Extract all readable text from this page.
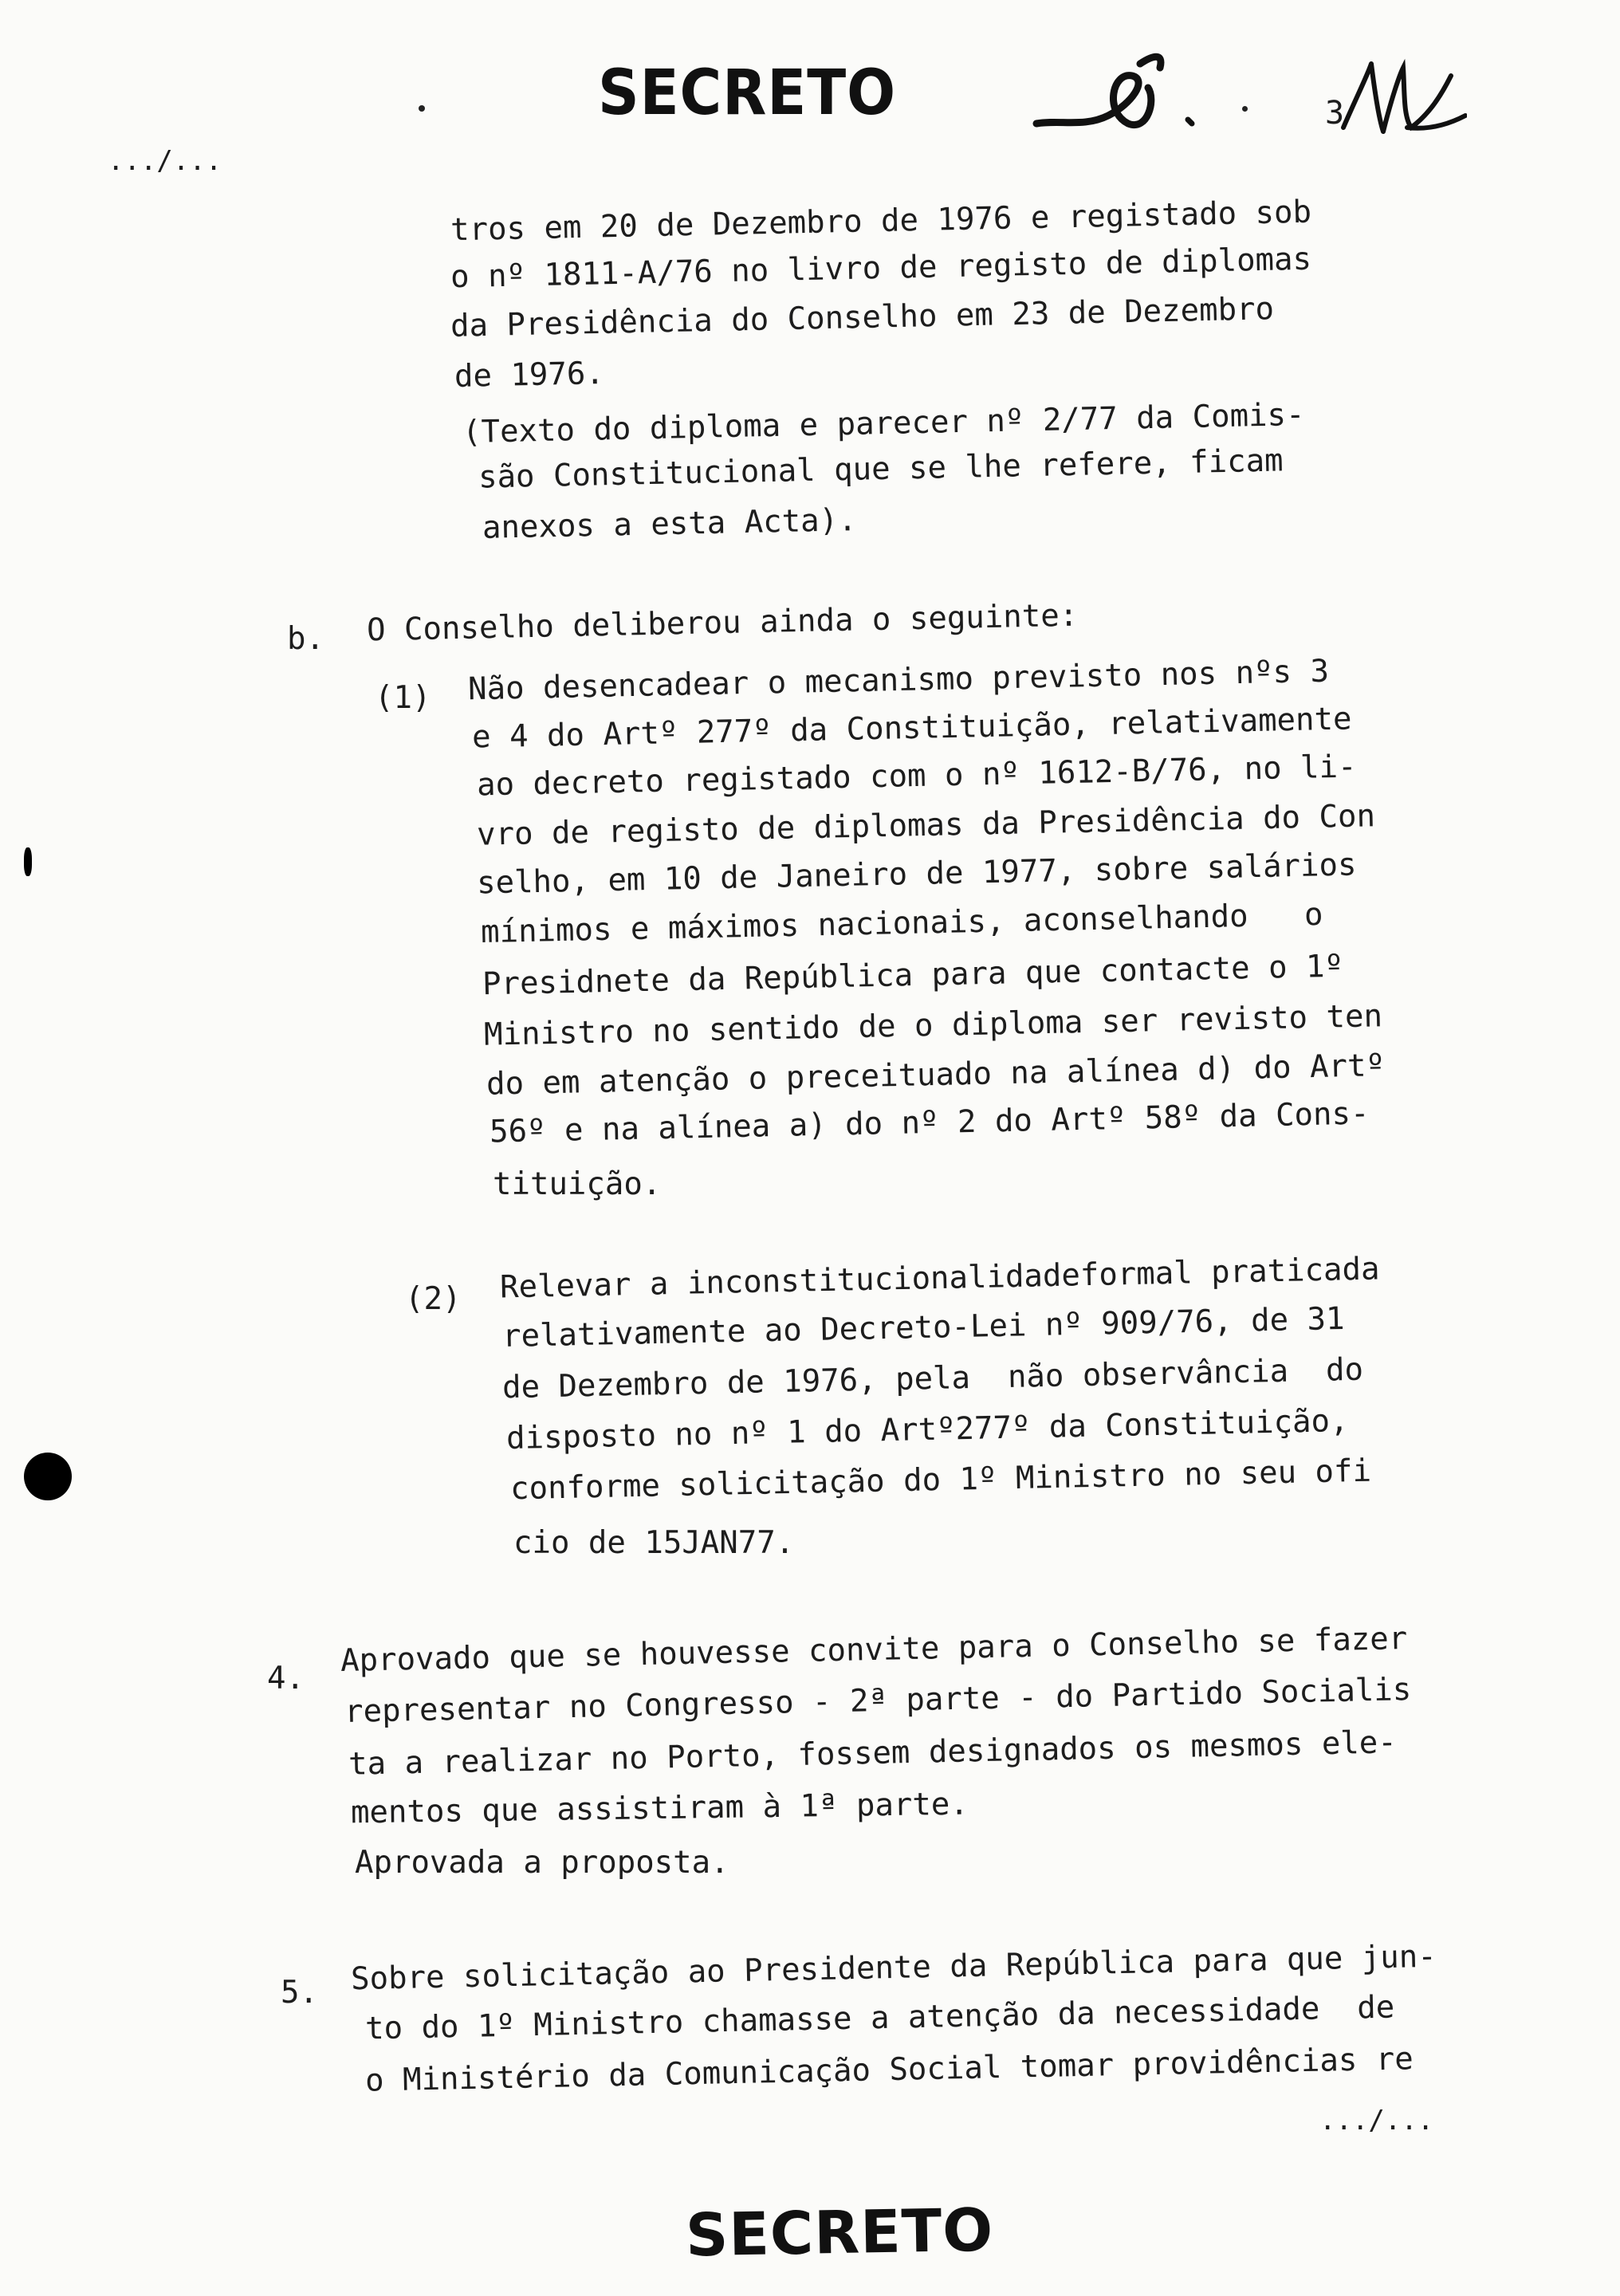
SECRETO
.../...
3
tros em 20 de Dezembro de 1976 e registado sob
o nº 1811-A/76 no livro de registo de diplomas
da Presidência do Conselho em 23 de Dezembro
de 1976.
(Texto do diploma e parecer nº 2/77 da Comis-
são Constitucional que se lhe refere, ficam
anexos a esta Acta).
b. O Conselho deliberou ainda o seguinte:
(1) Não desencadear o mecanismo previsto nos nºs 3
e 4 do Artº 277º da Constituição, relativamente
ao decreto registado com o nº 1612-B/76, no li-
vro de registo de diplomas da Presidência do Con
selho, em 10 de Janeiro de 1977, sobre salários
mínimos e máximos nacionais, aconselhando   o
Presidnete da República para que contacte o 1º
Ministro no sentido de o diploma ser revisto ten
do em atenção o preceituado na alínea d) do Artº
56º e na alínea a) do nº 2 do Artº 58º da Cons-
tituição.
(2) Relevar a inconstitucionalidadeformal praticada
relativamente ao Decreto-Lei nº 909/76, de 31
de Dezembro de 1976, pela  não observância  do
disposto no nº 1 do Artº277º da Constituição,
conforme solicitação do 1º Ministro no seu ofi
cio de 15JAN77.
4. Aprovado que se houvesse convite para o Conselho se fazer
representar no Congresso - 2ª parte - do Partido Socialis
ta a realizar no Porto, fossem designados os mesmos ele-
mentos que assistiram à 1ª parte.
Aprovada a proposta.
5. Sobre solicitação ao Presidente da República para que jun-
to do 1º Ministro chamasse a atenção da necessidade  de
o Ministério da Comunicação Social tomar providências re
.../...
SECRETO
